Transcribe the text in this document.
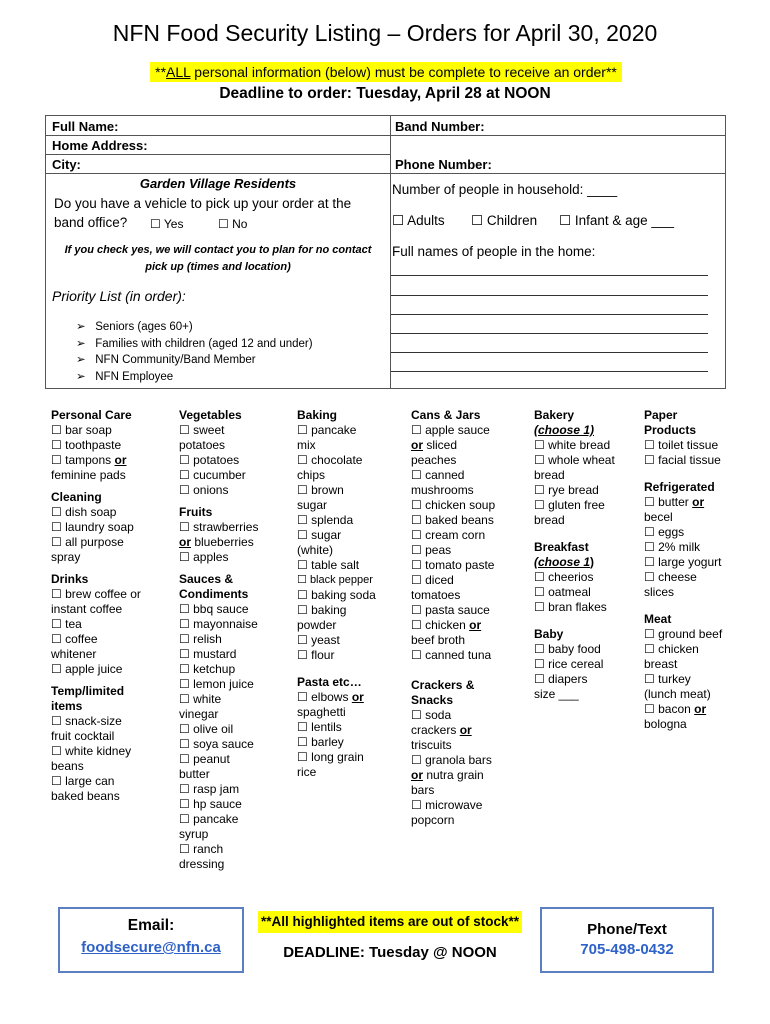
NFN Food Security Listing – Orders for April 30, 2020
**ALL personal information (below) must be complete to receive an order**
Deadline to order: Tuesday, April 28 at NOON
Full Name:	Band Number:
Home Address:
City:	Phone Number:
Garden Village Residents
Do you have a vehicle to pick up your order at the
band office? ☐	Yes ☐	No
If you check yes, we will contact you to plan for no contact
pick up (times and location)
Priority List (in order):
➢   Seniors (ages 60+)
➢   Families with children (aged 12 and under)
➢   NFN Community/Band Member
➢   NFN Employee
Number of people in household: ____
☐ Adults ☐	Children ☐	Infant & age ___
Full names of people in the home:
Personal Care
☐ bar soap
☐ toothpaste
☐ tampons or
feminine pads
Cleaning
☐ dish soap
☐ laundry soap
☐ all purpose
spray
Drinks
☐ brew coffee or
instant coffee
☐ tea
☐ coffee
whitener
☐ apple juice
Temp/limited
items
☐ snack-size
fruit cocktail
☐ white kidney
beans
☐ large can
baked beans
Vegetables
☐ sweet
potatoes
☐ potatoes
☐ cucumber
☐ onions
Fruits
☐ strawberries
or blueberries
☐ apples
Sauces &
Condiments
☐ bbq sauce
☐ mayonnaise
☐ relish
☐ mustard
☐ ketchup
☐ lemon juice
☐ white
vinegar
☐ olive oil
☐ soya sauce
☐ peanut
butter
☐ rasp jam
☐ hp sauce
☐ pancake
syrup
☐ ranch
dressing
Baking
☐ pancake
mix
☐ chocolate
chips
☐ brown
sugar
☐ splenda
☐ sugar
(white)
☐ table salt
☐ black pepper
☐ baking soda
☐ baking
powder
☐ yeast
☐ flour
Pasta etc…
☐ elbows or
spaghetti
☐ lentils
☐ barley
☐ long grain
rice
Cans & Jars
☐ apple sauce
or sliced
peaches
☐ canned
mushrooms
☐ chicken soup
☐ baked beans
☐ cream corn
☐ peas
☐ tomato paste
☐ diced
tomatoes
☐ pasta sauce
☐ chicken or
beef broth
☐ canned tuna
Crackers &
Snacks
☐ soda
crackers or
triscuits
☐ granola bars
or nutra grain
bars
☐ microwave
popcorn
Bakery
(choose 1)
☐ white bread
☐ whole wheat
bread
☐ rye bread
☐ gluten free
bread
Breakfast
(choose 1)
☐ cheerios
☐ oatmeal
☐ bran flakes
Baby
☐ baby food
☐ rice cereal
☐ diapers
size ___
Paper
Products
☐ toilet tissue
☐ facial tissue
Refrigerated
☐ butter or
becel
☐ eggs
☐ 2% milk
☐ large yogurt
☐ cheese
slices
Meat
☐ ground beef
☐ chicken
breast
☐ turkey
(lunch meat)
☐ bacon or
bologna
Email:
foodsecure@nfn.ca
**All highlighted items are out of stock**
DEADLINE: Tuesday @ NOON
Phone/Text
705-498-0432
